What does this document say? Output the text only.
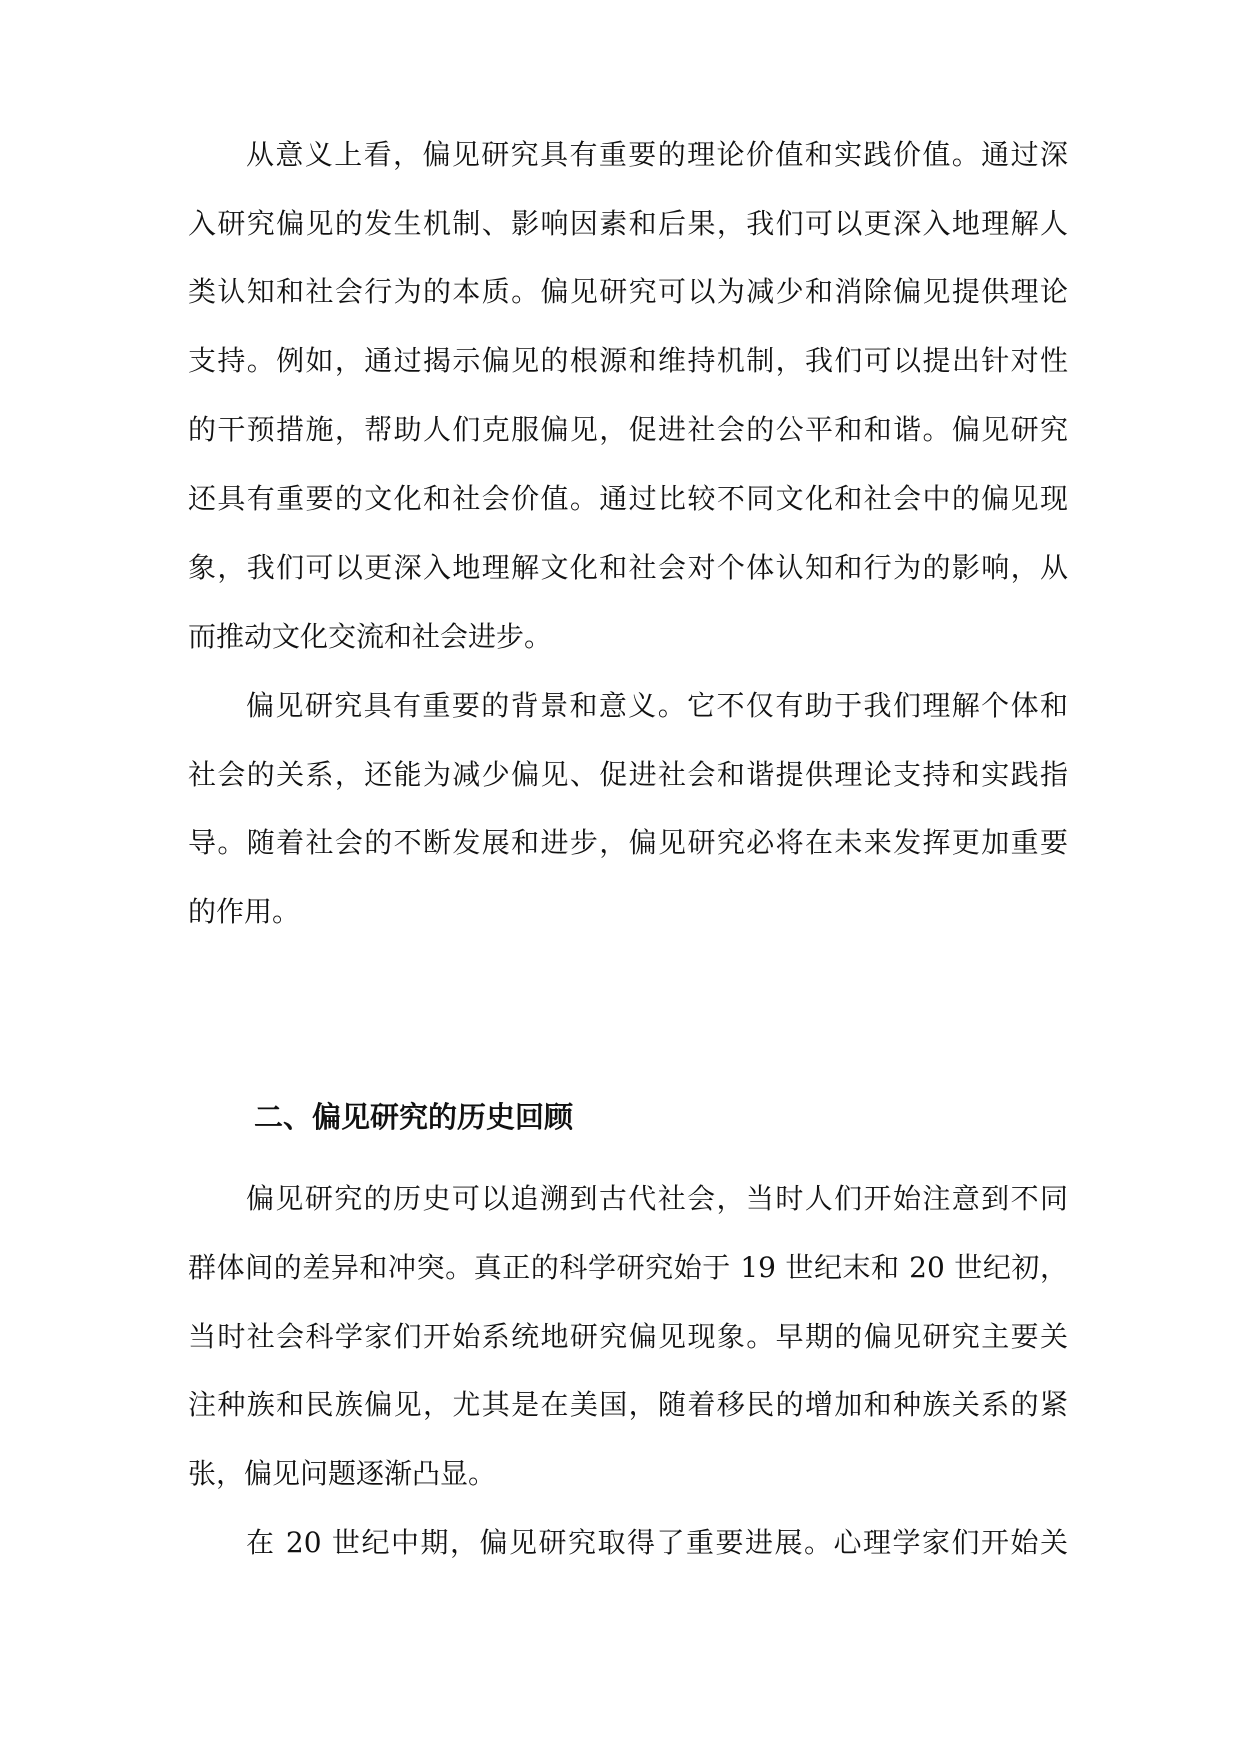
从意义上看，偏见研究具有重要的理论价值和实践价值。通过深
入研究偏见的发生机制、影响因素和后果，我们可以更深入地理解人
类认知和社会行为的本质。偏见研究可以为减少和消除偏见提供理论
支持。例如，通过揭示偏见的根源和维持机制，我们可以提出针对性
的干预措施，帮助人们克服偏见，促进社会的公平和和谐。偏见研究
还具有重要的文化和社会价值。通过比较不同文化和社会中的偏见现
象，我们可以更深入地理解文化和社会对个体认知和行为的影响，从
而推动文化交流和社会进步。
偏见研究具有重要的背景和意义。它不仅有助于我们理解个体和
社会的关系，还能为减少偏见、促进社会和谐提供理论支持和实践指
导。随着社会的不断发展和进步，偏见研究必将在未来发挥更加重要
的作用。
二、偏见研究的历史回顾
偏见研究的历史可以追溯到古代社会，当时人们开始注意到不同
群体间的差异和冲突。真正的科学研究始于 19 世纪末和 20 世纪初，
当时社会科学家们开始系统地研究偏见现象。早期的偏见研究主要关
注种族和民族偏见，尤其是在美国，随着移民的增加和种族关系的紧
张，偏见问题逐渐凸显。
在 20 世纪中期，偏见研究取得了重要进展。心理学家们开始关
